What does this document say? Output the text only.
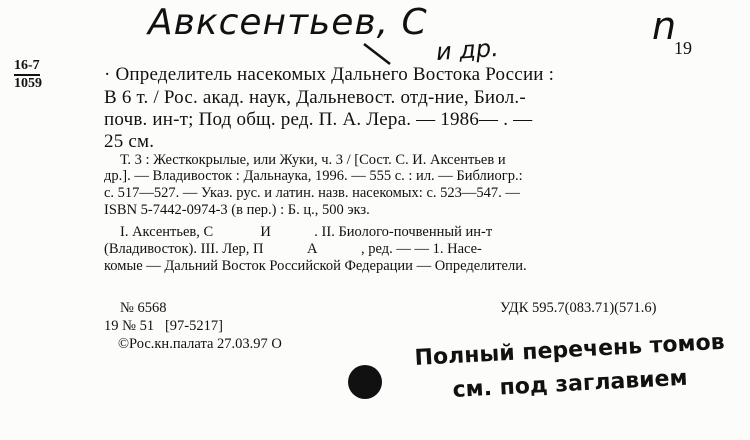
Авксентьев, С	n
и др.	19
16-7
1059	· Определитель насекомых Дальнего Востока России :
В 6 т. / Рос. акад. наук, Дальневост. отд-ние, Биол.-
почв. ин-т; Под общ. ред. П. А. Лера. — 1986— . —
25 см.
Т. 3 : Жесткокрылые, или Жуки, ч. 3 / [Сост. С. И. Аксентьев и
др.]. — Владивосток : Дальнаука, 1996. — 555 с. : ил. — Библиогр.:
с. 517—527. — Указ. рус. и латин. назв. насекомых: с. 523—547. —
ISBN 5-7442-0974-3 (в пер.) : Б. ц., 500 экз.
I. Аксентьев, С             И            . II. Биолого-почвенный ин-т
(Владивосток). III. Лер, П            А            , ред. — — 1. Насе-
комые — Дальний Восток Российской Федерации — Определители.
№ 6568	УДК 595.7(083.71)(571.6)
19 № 51   [97-5217]
©Рос.кн.палата 27.03.97 О	Полный перечень томов
см. под заглавием
